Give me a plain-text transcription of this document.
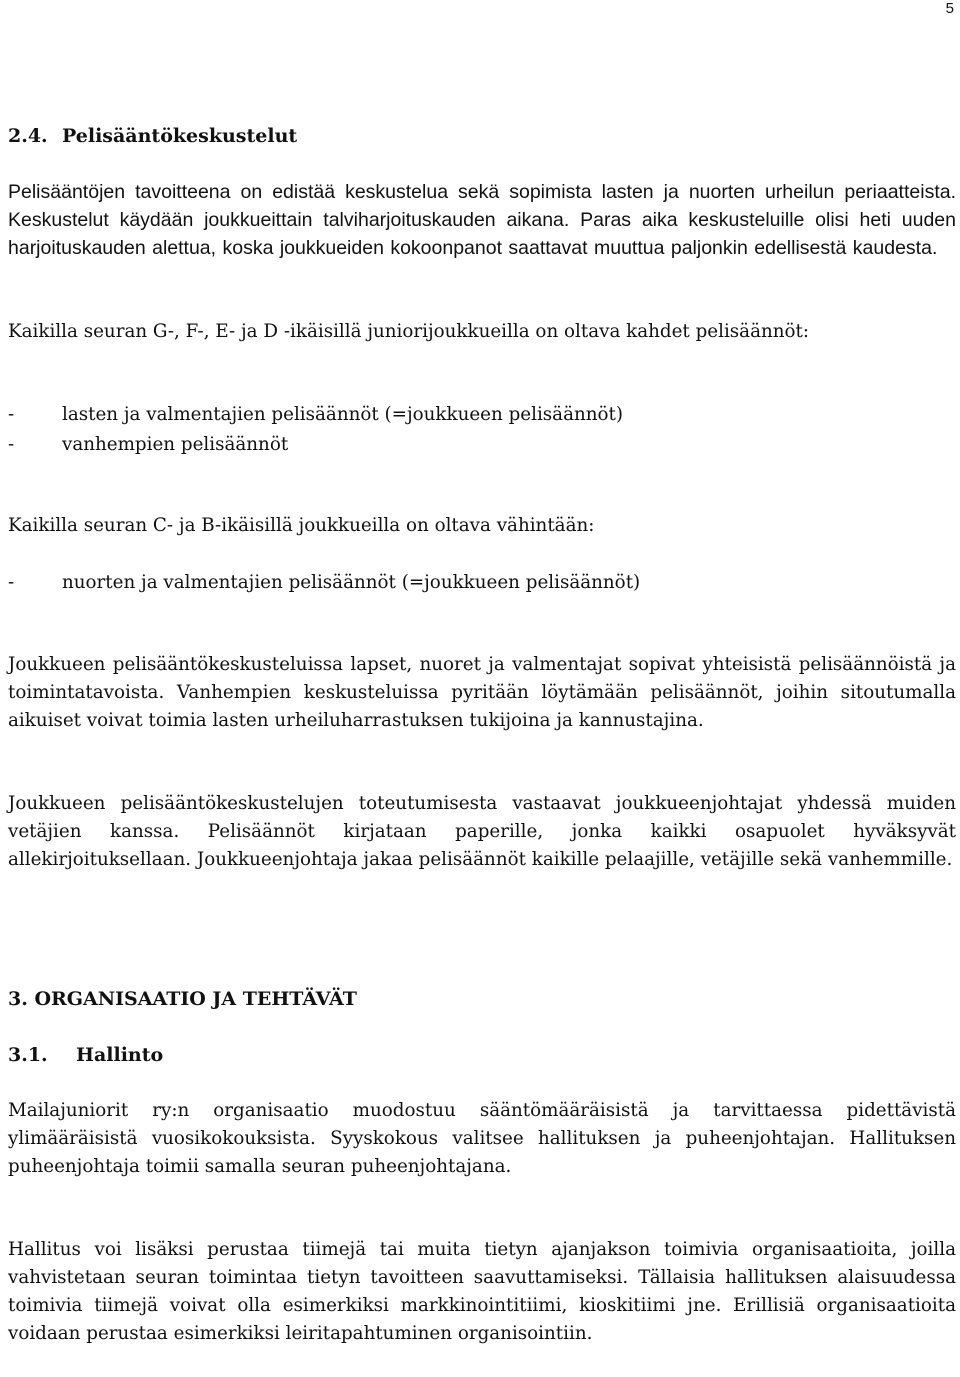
5
2.4. Pelisääntökeskustelut

Pelisääntöjen tavoitteena on edistää keskustelua sekä sopimista lasten ja nuorten urheilun periaatteista. Keskustelut käydään joukkueittain talviharjoituskauden aikana. Paras aika keskusteluille olisi heti uuden harjoituskauden alettua, koska joukkueiden kokoonpanot saattavat muuttua paljonkin edellisestä kaudesta.

Kaikilla seuran G-, F-, E- ja D -ikäisillä juniorijoukkueilla on oltava kahdet pelisäännöt:

-	lasten ja valmentajien pelisäännöt (=joukkueen pelisäännöt)
-	vanhempien pelisäännöt

Kaikilla seuran C- ja B-ikäisillä joukkueilla on oltava vähintään:

-	nuorten ja valmentajien pelisäännöt (=joukkueen pelisäännöt)

Joukkueen pelisääntökeskusteluissa lapset, nuoret ja valmentajat sopivat yhteisistä pelisäännöistä ja toimintatavoista. Vanhempien keskusteluissa pyritään löytämään pelisäännöt, joihin sitoutumalla aikuiset voivat toimia lasten urheiluharrastuksen tukijoina ja kannustajina.

Joukkueen pelisääntökeskustelujen toteutumisesta vastaavat joukkueenjohtajat yhdessä muiden vetäjien kanssa. Pelisäännöt kirjataan paperille, jonka kaikki osapuolet hyväksyvät allekirjoituksellaan. Joukkueenjohtaja jakaa pelisäännöt kaikille pelaajille, vetäjille sekä vanhemmille.

3. ORGANISAATIO JA TEHTÄVÄT
3.1. Hallinto

Mailajuniorit ry:n organisaatio muodostuu sääntömääräisistä ja tarvittaessa pidettävistä ylimääräisistä vuosikokouksista. Syyskokous valitsee hallituksen ja puheenjohtajan. Hallituksen puheenjohtaja toimii samalla seuran puheenjohtajana.

Hallitus voi lisäksi perustaa tiimejä tai muita tietyn ajanjakson toimivia organisaatioita, joilla vahvistetaan seuran toimintaa tietyn tavoitteen saavuttamiseksi. Tällaisia hallituksen alaisuudessa toimivia tiimejä voivat olla esimerkiksi markkinointitiimi, kioskitiimi jne. Erillisiä organisaatioita voidaan perustaa esimerkiksi leiritapahtuminen organisointiin.
